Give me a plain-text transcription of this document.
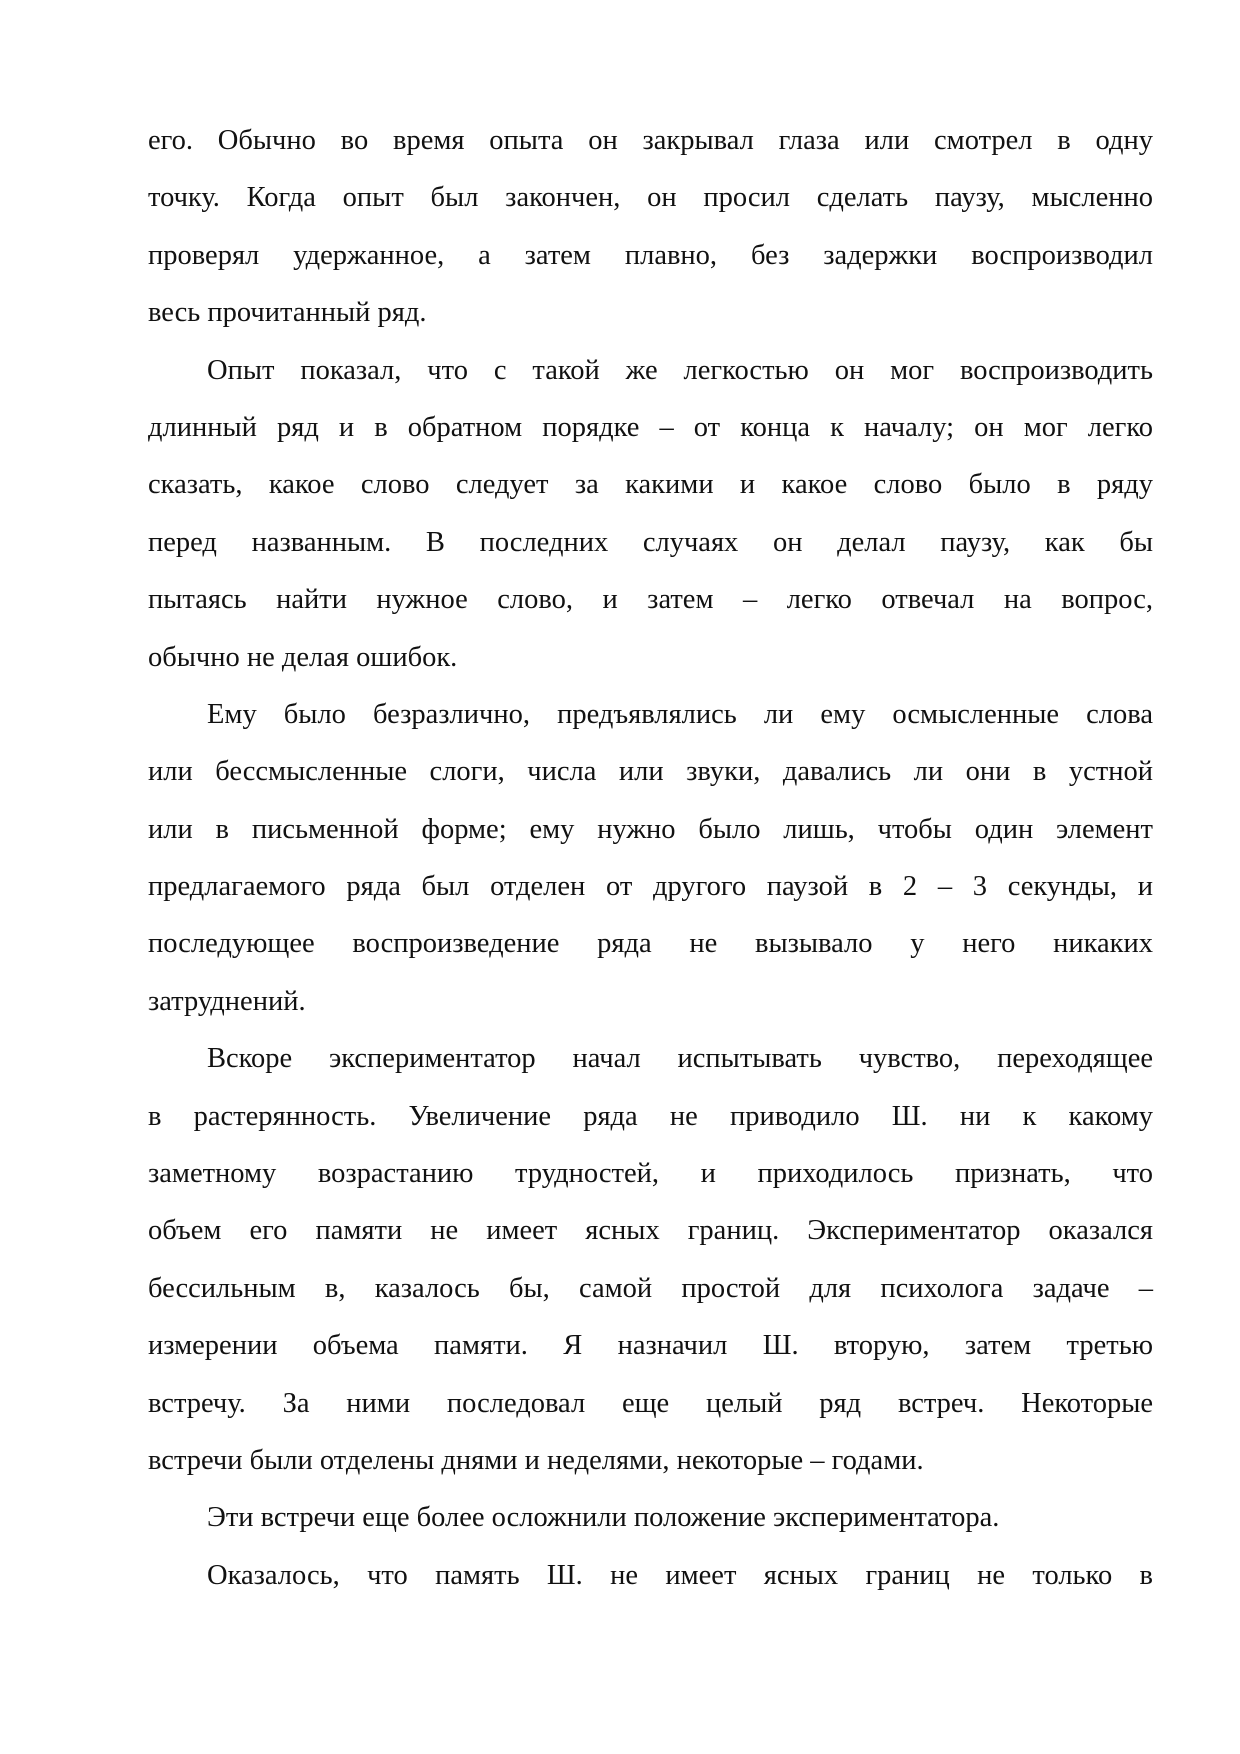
его. Обычно во время опыта он закрывал глаза или смотрел в одну
точку. Когда опыт был закончен, он просил сделать паузу, мысленно
проверял удержанное, а затем плавно, без задержки воспроизводил
весь прочитанный ряд.
Опыт показал, что с такой же легкостью он мог воспроизводить
длинный ряд и в обратном порядке – от конца к началу; он мог легко
сказать, какое слово следует за какими и какое слово было в ряду
перед названным. В последних случаях он делал паузу, как бы
пытаясь найти нужное слово, и затем – легко отвечал на вопрос,
обычно не делая ошибок.
Ему было безразлично, предъявлялись ли ему осмысленные слова
или бессмысленные слоги, числа или звуки, давались ли они в устной
или в письменной форме; ему нужно было лишь, чтобы один элемент
предлагаемого ряда был отделен от другого паузой в 2 – 3 секунды, и
последующее воспроизведение ряда не вызывало у него никаких
затруднений.
Вскоре экспериментатор начал испытывать чувство, переходящее
в растерянность. Увеличение ряда не приводило Ш. ни к какому
заметному возрастанию трудностей, и приходилось признать, что
объем его памяти не имеет ясных границ. Экспериментатор оказался
бессильным в, казалось бы, самой простой для психолога задаче –
измерении объема памяти. Я назначил Ш. вторую, затем третью
встречу. За ними последовал еще целый ряд встреч. Некоторые
встречи были отделены днями и неделями, некоторые – годами.
Эти встречи еще более осложнили положение экспериментатора.
Оказалось, что память Ш. не имеет ясных границ не только в
